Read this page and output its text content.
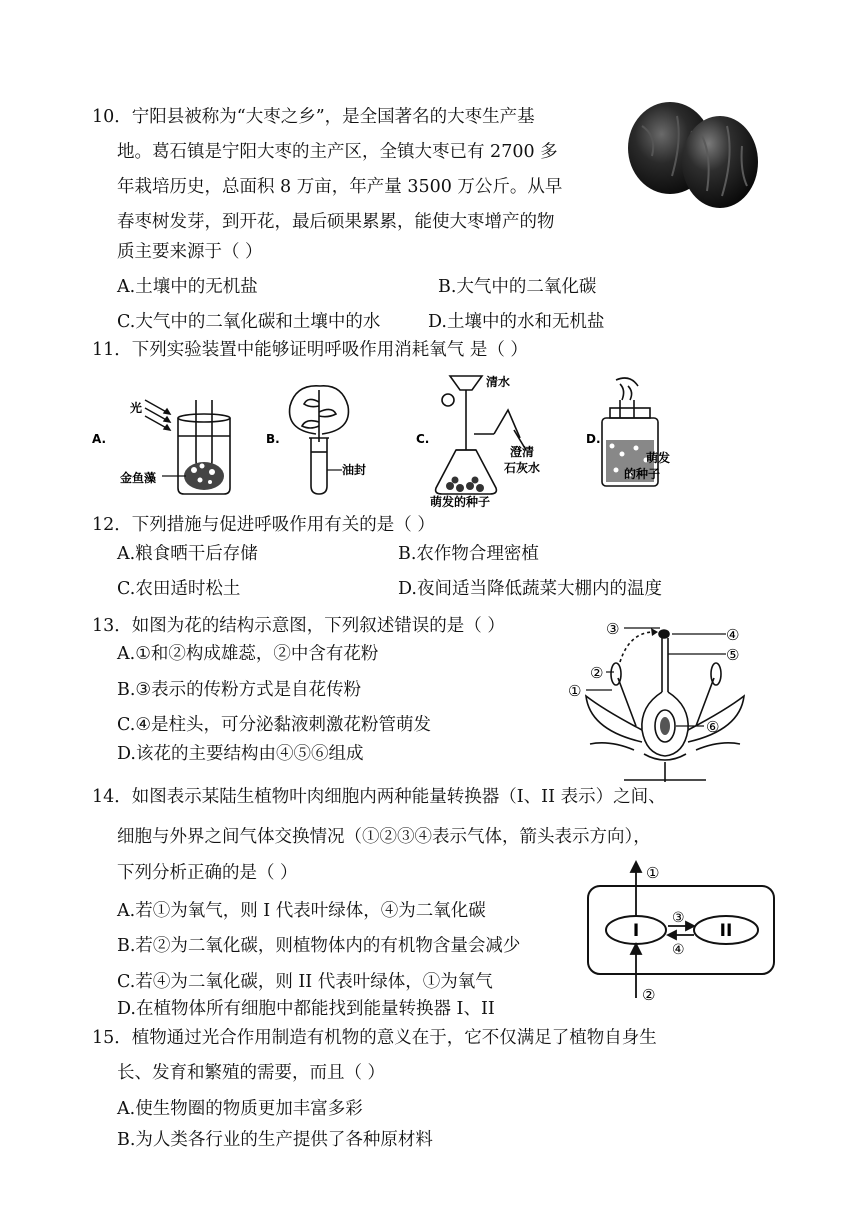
10．宁阳县被称为“大枣之乡”，是全国著名的大枣生产基
地。葛石镇是宁阳大枣的主产区，全镇大枣已有 2700 多
年栽培历史，总面积 8 万亩，年产量 3500 万公斤。从早
春枣树发芽，到开花，最后硕果累累，能使大枣增产的物
质主要来源于（ ）
A.土壤中的无机盐	B.大气中的二氧化碳
C.大气中的二氧化碳和土壤中的水	D.土壤中的水和无机盐
11．下列实验装置中能够证明呼吸作用消耗氧气 是（ ）
A.
光
金鱼藻
B.
油封
C.
清水
澄清
石灰水
萌发的种子
D.
萌发
的种子
12．下列措施与促进呼吸作用有关的是（ ）
A.粮食晒干后存储	B.农作物合理密植
C.农田适时松土	D.夜间适当降低蔬菜大棚内的温度
13．如图为花的结构示意图，下列叙述错误的是（ ）
A.①和②构成雄蕊，②中含有花粉
B.③表示的传粉方式是自花传粉
C.④是柱头，可分泌黏液刺激花粉管萌发
D.该花的主要结构由④⑤⑥组成
③	④
⑤
②
①
⑥
14．如图表示某陆生植物叶肉细胞内两种能量转换器（I、II 表示）之间、
细胞与外界之间气体交换情况（①②③④表示气体，箭头表示方向），
下列分析正确的是（ ）
A.若①为氧气，则 I 代表叶绿体，④为二氧化碳
B.若②为二氧化碳，则植物体内的有机物含量会减少
C.若④为二氧化碳，则 II 代表叶绿体，①为氧气
D.在植物体所有细胞中都能找到能量转换器 I、II
I	II
①
②
③
④
15．植物通过光合作用制造有机物的意义在于，它不仅满足了植物自身生
长、发育和繁殖的需要，而且（ ）
A.使生物圈的物质更加丰富多彩
B.为人类各行业的生产提供了各种原材料
